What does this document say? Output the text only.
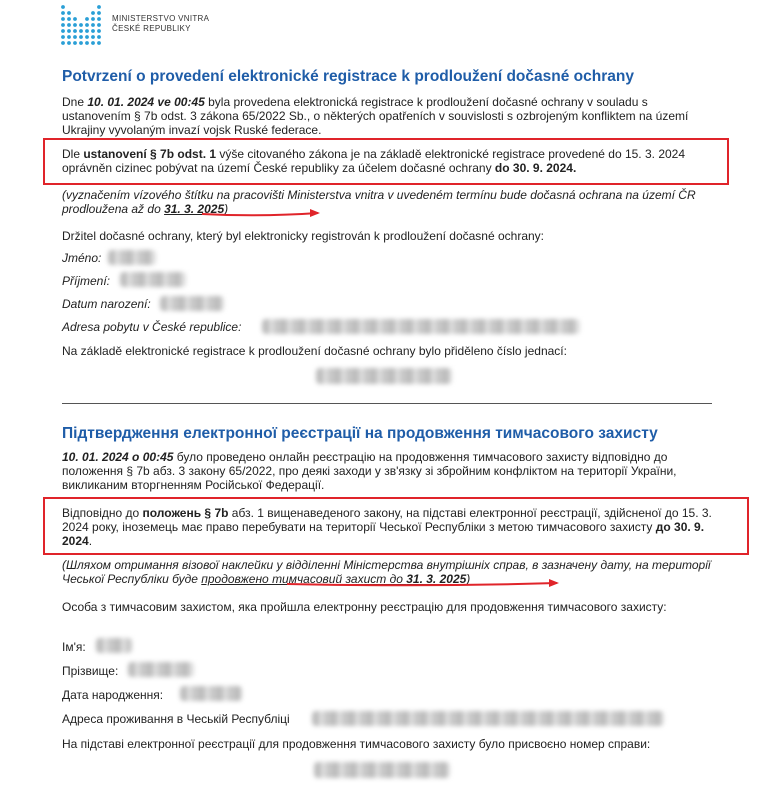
MINISTERSTVO VNITRA
ČESKÉ REPUBLIKY
Potvrzení o provedení elektronické registrace k prodloužení dočasné ochrany
Dne 10. 01. 2024 ve 00:45 byla provedena elektronická registrace k prodloužení dočasné ochrany v souladu s ustanovením § 7b odst. 3 zákona 65/2022 Sb., o některých opatřeních v souvislosti s ozbrojeným konfliktem na území Ukrajiny vyvolaným invazí vojsk Ruské federace.
Dle ustanovení § 7b odst. 1 výše citovaného zákona je na základě elektronické registrace provedené do 15. 3. 2024 oprávněn cizinec pobývat na území České republiky za účelem dočasné ochrany do 30. 9. 2024.
(vyznačením vízového štítku na pracovišti Ministerstva vnitra v uvedeném termínu bude dočasná ochrana na území ČR prodloužena až do 31. 3. 2025)
Držitel dočasné ochrany, který byl elektronicky registrován k prodloužení dočasné ochrany:
Jméno:
Příjmení:
Datum narození:
Adresa pobytu v České republice:
Na základě elektronické registrace k prodloužení dočasné ochrany bylo přiděleno číslo jednací:
Підтвердження електронної реєстрації на продовження тимчасового захисту
10. 01. 2024 о 00:45 було проведено онлайн реєстрацію на продовження тимчасового захисту відповідно до положення § 7b абз. 3 закону 65/2022, про деякі заходи у зв'язку зі збройним конфліктом на території України, викликаним вторгненням Російської Федерації.
Відповідно до положень § 7b абз. 1 вищенаведеного закону, на підставі електронної реєстрації, здійсненої до 15. 3. 2024 року, іноземець має право перебувати на території Чеської Республіки з метою тимчасового захисту до 30. 9. 2024.
(Шляхом отримання візової наклейки у відділенні Міністерства внутрішніх справ, в зазначену дату, на території Чеської Республіки буде продовжено тимчасовий захист до 31. 3. 2025)
Особа з тимчасовим захистом, яка пройшла електронну реєстрацію для продовження тимчасового захисту:
Ім'я:
Прізвище:
Дата народження:
Адреса проживання в Чеській Республіці
На підставі електронної реєстрації для продовження тимчасового захисту було присвоєно номер справи:
